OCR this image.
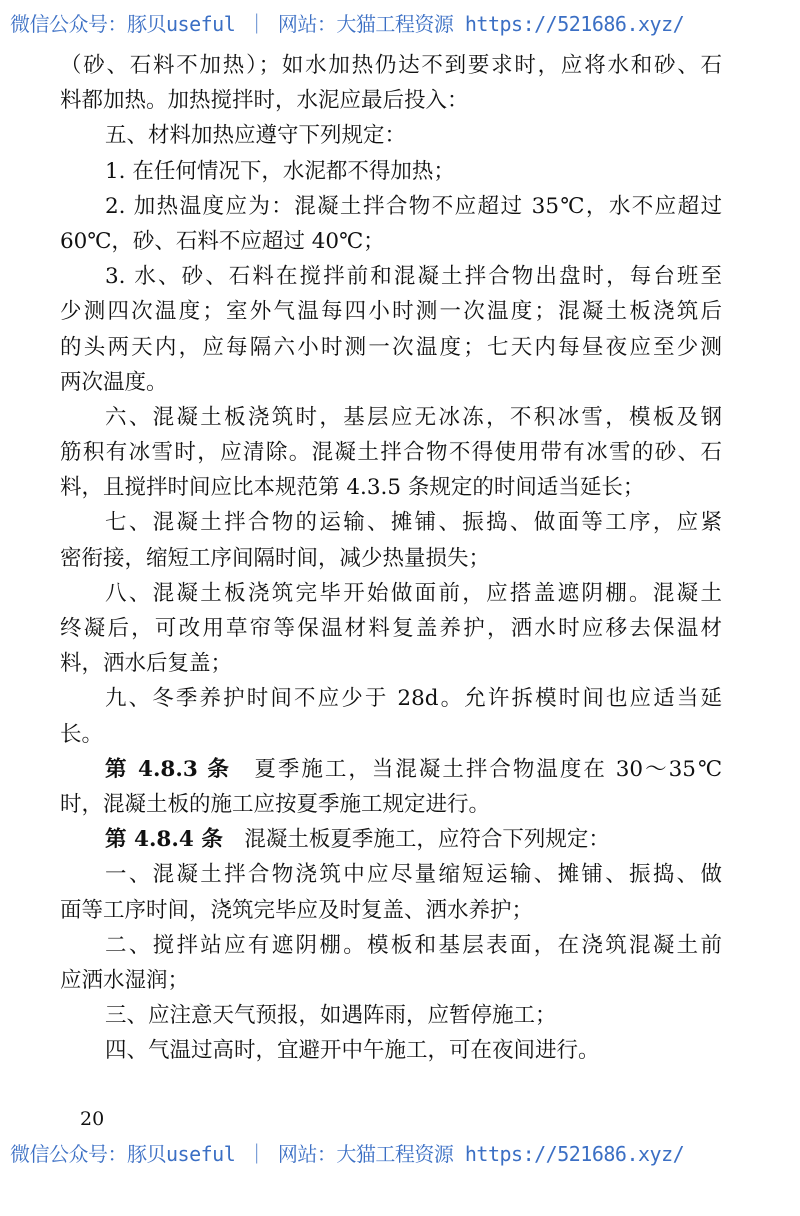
微信公众号：豚贝useful ｜ 网站：大猫工程资源 https://521686.xyz/
（砂、石料不加热）；如水加热仍达不到要求时，应将水和砂、石
料都加热。加热搅拌时，水泥应最后投入：
五、材料加热应遵守下列规定：
1. 在任何情况下，水泥都不得加热；
2. 加热温度应为：混凝土拌合物不应超过 35℃，水不应超过
60℃，砂、石料不应超过 40℃；
3. 水、砂、石料在搅拌前和混凝土拌合物出盘时，每台班至
少测四次温度；室外气温每四小时测一次温度；混凝土板浇筑后
的头两天内，应每隔六小时测一次温度；七天内每昼夜应至少测
两次温度。
六、混凝土板浇筑时，基层应无冰冻，不积冰雪，模板及钢
筋积有冰雪时，应清除。混凝土拌合物不得使用带有冰雪的砂、石
料，且搅拌时间应比本规范第 4.3.5 条规定的时间适当延长；
七、混凝土拌合物的运输、摊铺、振捣、做面等工序，应紧
密衔接，缩短工序间隔时间，减少热量损失；
八、混凝土板浇筑完毕开始做面前，应搭盖遮阴棚。混凝土
终凝后，可改用草帘等保温材料复盖养护，洒水时应移去保温材
料，洒水后复盖；
九、冬季养护时间不应少于 28d。允许拆模时间也应适当延
长。
第 4.8.3 条　夏季施工，当混凝土拌合物温度在 30～35℃
时，混凝土板的施工应按夏季施工规定进行。
第 4.8.4 条　混凝土板夏季施工，应符合下列规定：
一、混凝土拌合物浇筑中应尽量缩短运输、摊铺、振捣、做
面等工序时间，浇筑完毕应及时复盖、洒水养护；
二、搅拌站应有遮阴棚。模板和基层表面，在浇筑混凝土前
应洒水湿润；
三、应注意天气预报，如遇阵雨，应暂停施工；
四、气温过高时，宜避开中午施工，可在夜间进行。
20
微信公众号：豚贝useful ｜ 网站：大猫工程资源 https://521686.xyz/
